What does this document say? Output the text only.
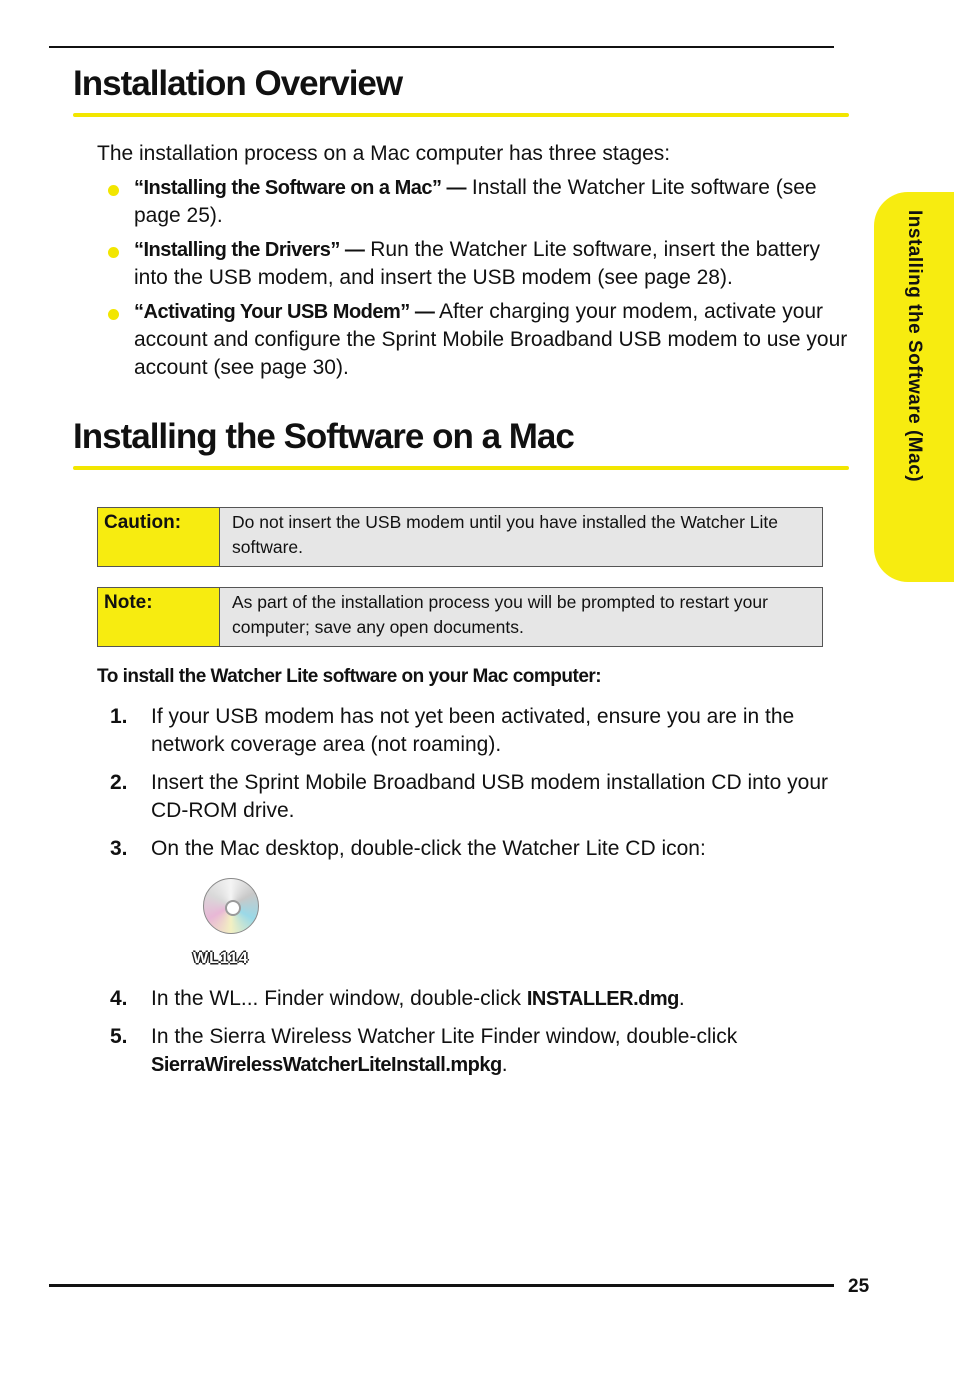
Installation Overview
The installation process on a Mac computer has three stages:
“Installing the Software on a Mac” — Install the Watcher Lite software (see page 25).
“Installing the Drivers” — Run the Watcher Lite software, insert the battery into the USB modem, and insert the USB modem (see page 28).
“Activating Your USB Modem” — After charging your modem, activate your account and configure the Sprint Mobile Broadband USB modem to use your account (see page 30).
Installing the Software on a Mac
Caution:	Do not insert the USB modem until you have installed the Watcher Lite software.
Note:	As part of the installation process you will be prompted to restart your computer; save any open documents.
To install the Watcher Lite software on your Mac computer:
1. If your USB modem has not yet been activated, ensure you are in the network coverage area (not roaming).
2. Insert the Sprint Mobile Broadband USB modem installation CD into your CD-ROM drive.
3. On the Mac desktop, double-click the Watcher Lite CD icon:
WL114
4. In the WL... Finder window, double-click INSTALLER.dmg.
5. In the Sierra Wireless Watcher Lite Finder window, double-click SierraWirelessWatcherLiteInstall.mpkg.
Installing the Software (Mac)
25
